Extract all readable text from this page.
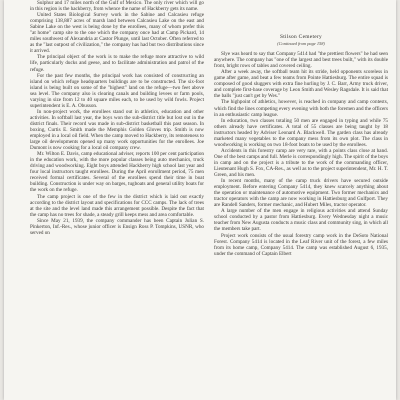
Sulphur and 17 miles north of the Gulf of Mexico. The only river which will go in this region is the hackberry, from whence the name of Hackberry gets its name.

United States Biological Survey work in the Sabine and Calcasieu refuge comprising 138,887 acres of marsh land between Calcasieu Lake on the east and Sabine Lake on the west is being done by the enrollees, many of whom prefer this "at home" camp site to the one which the company once had at Camp Pickard, 14 miles southwest of Alexandria at Castor Plunge, until last October. Often referred to as the "last outpost of civilization," the company has had but two distributions since it arrived.

The principal object of the work is to make the refuge more attractive to wild life, particularly ducks and geese, and to facilitate administration and patrol of the refuge.

For the past few months, the principal work has consisted of constructing an island on which refuge headquarters buildings are to be constructed. The six-foot island is being built on some of the "highest" land on the refuge—two feet above sea level. The company also is clearing canals and building levees or farm pools, varying in size from 12 to 40 square miles each, to be used by wild fowls. Project superintendent is E. A. Obusson.

In non-project work, the enrollees stand out in athletics, education and other activities. In softball last year, the boys won the sub-district title but lost out in the district finals. Their record was made in sub-district basketball this past season. In boxing, Curtis E. Smith made the Memphis Golden Gloves trip. Smith is now employed in a local oil field. When the camp moved to Hackberry, its remoteness to large oil developments opened up many work opportunities for the enrollees. Joe Dumont is now cooking for a local oil company crew.

Mr. Wilton E. Davis, camp educational adviser, reports 100 per cent participation in the education work, with the more popular classes being auto mechanics, truck driving and woodworking. Eight boys attended Hackberry high school last year and four local instructors taught enrollees. During the April enrollment period, 75 men received formal certificates. Several of the enrollees spend their time in boat building. Construction is under way on barges, tugboats and general utility boats for the work on the refuge.

The camp project is one of the few in the district which is laid out exactly according to the district layout and specifications for CCC camps. The lack of trees at the site and the level land made this arrangement possible. Despite the fact that the camp has no trees for shade, a steady grill keeps mess and area comfortable.

Since May 21, 1939, the company commander has been Captain Julian S. Pinkerton, Inf.-Res., whose junior officer is Ensign Ross P. Tompkins, USNR, who served on

Stilson Cemetery
(Continued from page 158)

Slye was heard to say that Company 5414 had "the prettiest flowers" he had seen anywhere. The company has "one of the largest and best trees built," with its double front, bright rows of tables and covered ceiling.

After a week away, the softball team hit its stride, held opponents scoreless in game after game, and beat a few teams from Pointe Hattiesburg. The entire squad is composed of good sluggers with extra fine hurling by J. C. Barr, Army truck driver, and complete first-base coverage by Leon Smith and Wesley Ragsdale. It is said that the balls "just can't get by Wes."

The highpoint of athletics, however, is reached in company and camp contests, which find the lines competing every evening with both the foremen and the officers in an enthusiastic camp league.

In education, two classes totaling 50 men are engaged in typing and while 75 others already have certificates. A total of 55 classes are being taught by 18 instructors headed by Adviser Leonard A. Blackwell. The garden class has already marketed many vegetables to the company mess from its own plot. The class in woodworking is working on two 18-foot boats to be used by the enrollees.

Accidents in this forestry camp are very rare, with a points class close at hand. One of the best camps and full. Merle is correspondingly high. The spirit of the boys in camp and on the project is a tribute to the work of the commanding officer, Lieutenant Hugh S. Fox, CA-Res., as well as to the project superintendent, Mr. H. T. Green, and his men.

In recent months, many of the camp truck drivers have secured outside employment. Before entering Company 5414, they knew scarcely anything about the operation or maintenance of automotive equipment. Two former mechanics and tractor operators with the camp are now working in Hattiesburg and Gulfport. They are Randell Sanders, former mechanic, and Hubert Miles, tractor operator.

A large number of the men engage in religious activities and attend Sunday school conducted by a pastor from Hattiesburg. Every Wednesday night a music teacher from New Augusta conducts a music class and community sing, in which all the members take part.

Project work consists of the usual forestry camp work in the DeSoto National Forest. Company 5414 is located in the Leaf River unit of the forest, a few miles from its home camp, Company 5414. The camp was established August 6, 1935, under the command of Captain Elbert
